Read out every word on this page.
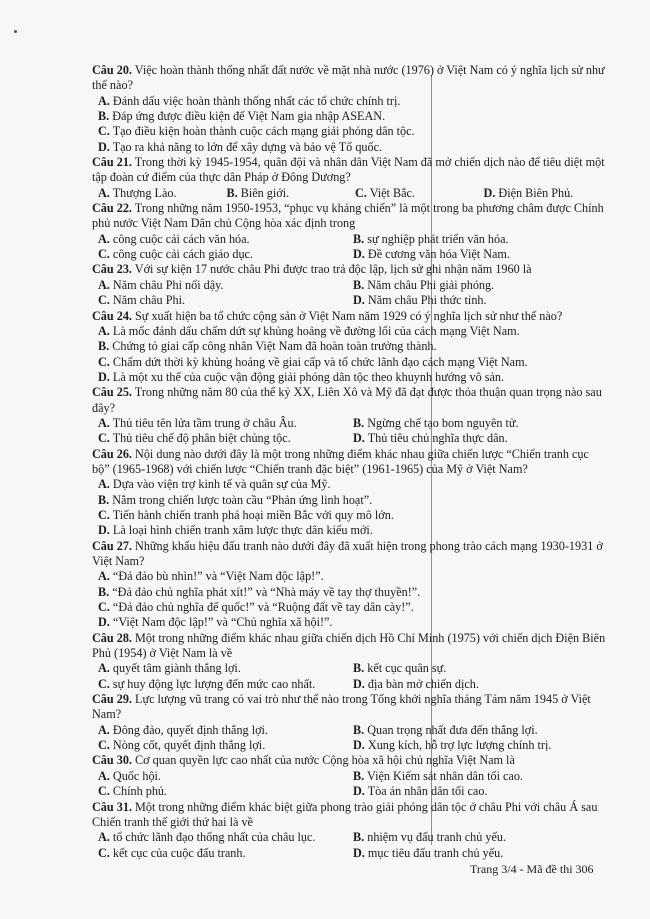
Câu 20. Việc hoàn thành thống nhất đất nước về mặt nhà nước (1976) ở Việt Nam có ý nghĩa lịch sử như thế nào?

A. Đánh dấu việc hoàn thành thống nhất các tổ chức chính trị.
B. Đáp ứng được điều kiện để Việt Nam gia nhập ASEAN.
C. Tạo điều kiện hoàn thành cuộc cách mạng giải phóng dân tộc.
D. Tạo ra khả năng to lớn để xây dựng và bảo vệ Tổ quốc.

Câu 21. Trong thời kỳ 1945-1954, quân đội và nhân dân Việt Nam đã mở chiến dịch nào để tiêu diệt một tập đoàn cứ điểm của thực dân Pháp ở Đông Dương?

A. Thượng Lào.	B. Biên giới.	C. Việt Bắc.	D. Điện Biên Phủ.

Câu 22. Trong những năm 1950-1953, “phục vụ kháng chiến” là một trong ba phương châm được Chính phủ nước Việt Nam Dân chủ Cộng hòa xác định trong

A. công cuộc cải cách văn hóa.	B. sự nghiệp phát triển văn hóa.
C. công cuộc cải cách giáo dục.	D. Đề cương văn hóa Việt Nam.

Câu 23. Với sự kiện 17 nước châu Phi được trao trả độc lập, lịch sử ghi nhận năm 1960 là

A. Năm châu Phi nổi dậy.	B. Năm châu Phi giải phóng.
C. Năm châu Phi.	D. Năm châu Phi thức tỉnh.

Câu 24. Sự xuất hiện ba tổ chức cộng sản ở Việt Nam năm 1929 có ý nghĩa lịch sử như thế nào?

A. Là mốc đánh dấu chấm dứt sự khủng hoảng về đường lối của cách mạng Việt Nam.
B. Chứng tỏ giai cấp công nhân Việt Nam đã hoàn toàn trưởng thành.
C. Chấm dứt thời kỳ khủng hoảng về giai cấp và tổ chức lãnh đạo cách mạng Việt Nam.
D. Là một xu thế của cuộc vận động giải phóng dân tộc theo khuynh hướng vô sản.

Câu 25. Trong những năm 80 của thế kỷ XX, Liên Xô và Mỹ đã đạt được thỏa thuận quan trọng nào sau đây?

A. Thủ tiêu tên lửa tầm trung ở châu Âu.	B. Ngừng chế tạo bom nguyên tử.
C. Thủ tiêu chế độ phân biệt chủng tộc.	D. Thủ tiêu chủ nghĩa thực dân.

Câu 26. Nội dung nào dưới đây là một trong những điểm khác nhau giữa chiến lược “Chiến tranh cục bộ” (1965-1968) với chiến lược “Chiến tranh đặc biệt” (1961-1965) của Mỹ ở Việt Nam?

A. Dựa vào viện trợ kinh tế và quân sự của Mỹ.
B. Nằm trong chiến lược toàn cầu “Phản ứng linh hoạt”.
C. Tiến hành chiến tranh phá hoại miền Bắc với quy mô lớn.
D. Là loại hình chiến tranh xâm lược thực dân kiểu mới.

Câu 27. Những khẩu hiệu đấu tranh nào dưới đây đã xuất hiện trong phong trào cách mạng 1930-1931 ở Việt Nam?

A. “Đả đảo bù nhìn!” và “Việt Nam độc lập!”.
B. “Đả đảo chủ nghĩa phát xít!” và “Nhà máy về tay thợ thuyền!”.
C. “Đả đảo chủ nghĩa đế quốc!” và “Ruộng đất về tay dân cày!”.
D. “Việt Nam độc lập!” và “Chủ nghĩa xã hội!”.

Câu 28. Một trong những điểm khác nhau giữa chiến dịch Hồ Chí Minh (1975) với chiến dịch Điện Biên Phủ (1954) ở Việt Nam là về

A. quyết tâm giành thắng lợi.	B. kết cục quân sự.
C. sự huy động lực lượng đến mức cao nhất.	D. địa bàn mở chiến dịch.

Câu 29. Lực lượng vũ trang có vai trò như thế nào trong Tổng khởi nghĩa tháng Tám năm 1945 ở Việt Nam?

A. Đông đảo, quyết định thắng lợi.	B. Quan trọng nhất đưa đến thắng lợi.
C. Nòng cốt, quyết định thắng lợi.	D. Xung kích, hỗ trợ lực lượng chính trị.

Câu 30. Cơ quan quyền lực cao nhất của nước Cộng hòa xã hội chủ nghĩa Việt Nam là

A. Quốc hội.	B. Viện Kiểm sát nhân dân tối cao.
C. Chính phủ.	D. Tòa án nhân dân tối cao.

Câu 31. Một trong những điểm khác biệt giữa phong trào giải phóng dân tộc ở châu Phi với châu Á sau Chiến tranh thế giới thứ hai là về

A. tổ chức lãnh đạo thống nhất của châu lục.	B. nhiệm vụ đấu tranh chủ yếu.
C. kết cục của cuộc đấu tranh.	D. mục tiêu đấu tranh chủ yếu.
Trang 3/4 - Mã đề thi 306
